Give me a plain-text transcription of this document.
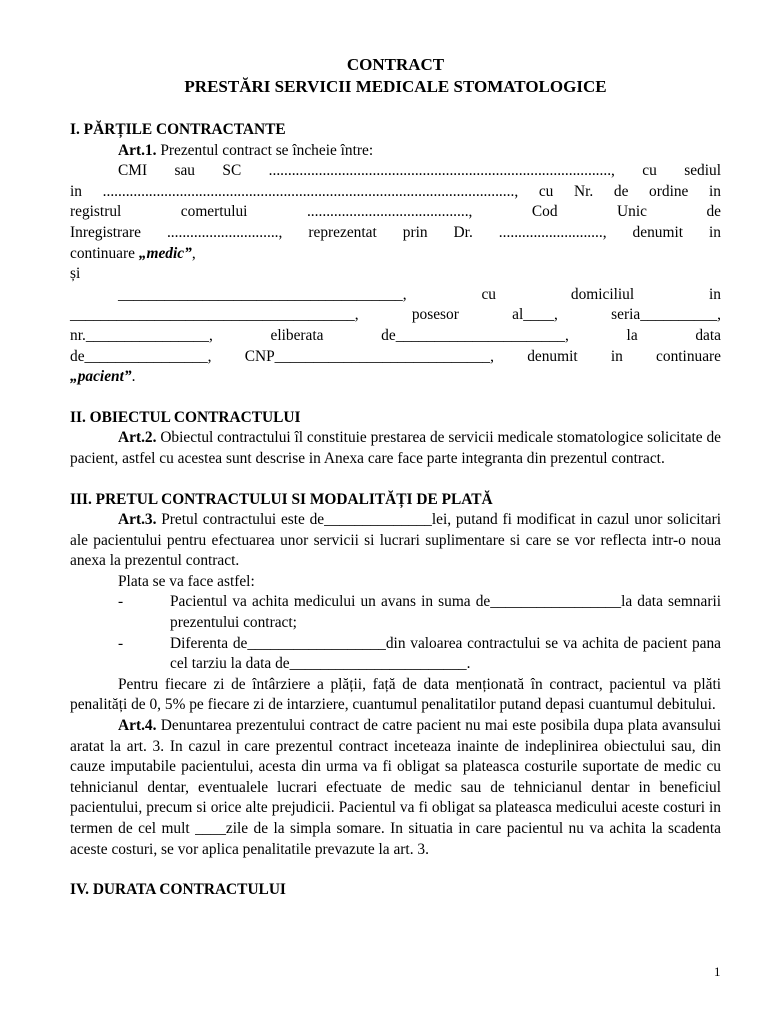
CONTRACT

PRESTĂRI SERVICII MEDICALE STOMATOLOGICE

I. PĂRȚILE CONTRACTANTE

Art.1. Prezentul contract se încheie între:

CMI sau SC ........................................................................................., cu sediul

in ..........................................................................................................., cu Nr. de ordine in

registrul comertului .........................................., Cod Unic de

Inregistrare ............................., reprezentat prin Dr. ..........................., denumit in

continuare „medic”,

și

_____________________________________, cu domiciliul in

_____________________________________, posesor al____, seria__________,

nr.________________, eliberata de______________________, la data

de________________, CNP____________________________, denumit in continuare

„pacient”.

II. OBIECTUL CONTRACTULUI

Art.2. Obiectul contractului îl constituie prestarea de servicii medicale stomatologice solicitate de pacient, astfel cu acestea sunt descrise in Anexa care face parte integranta din prezentul contract.

III. PRETUL CONTRACTULUI SI MODALITĂȚI DE PLATĂ

Art.3. Pretul contractului este de______________lei, putand fi modificat in cazul unor solicitari ale pacientului pentru efectuarea unor servicii si lucrari suplimentare si care se vor reflecta intr-o noua anexa la prezentul contract.

Plata se va face astfel:

-	Pacientul va achita medicului un avans in suma de_________________la data semnarii prezentului contract;

-	Diferenta de__________________din valoarea contractului se va achita de pacient pana cel tarziu la data de_______________________.

Pentru fiecare zi de întârziere a plății, față de data menționată în contract, pacientul va plăti penalități de 0, 5% pe fiecare zi de intarziere, cuantumul penalitatilor putand depasi cuantumul debitului.

Art.4. Denuntarea prezentului contract de catre pacient nu mai este posibila dupa plata avansului aratat la art. 3. In cazul in care prezentul contract inceteaza inainte de indeplinirea obiectului sau, din cauze imputabile pacientului, acesta din urma va fi obligat sa plateasca costurile suportate de medic cu tehnicianul dentar, eventualele lucrari efectuate de medic sau de tehnicianul dentar in beneficiul pacientului, precum si orice alte prejudicii. Pacientul va fi obligat sa plateasca medicului aceste costuri in termen de cel mult ____zile de la simpla somare. In situatia in care pacientul nu va achita la scadenta aceste costuri, se vor aplica penalitatile prevazute la art. 3.

IV. DURATA CONTRACTULUI

1
